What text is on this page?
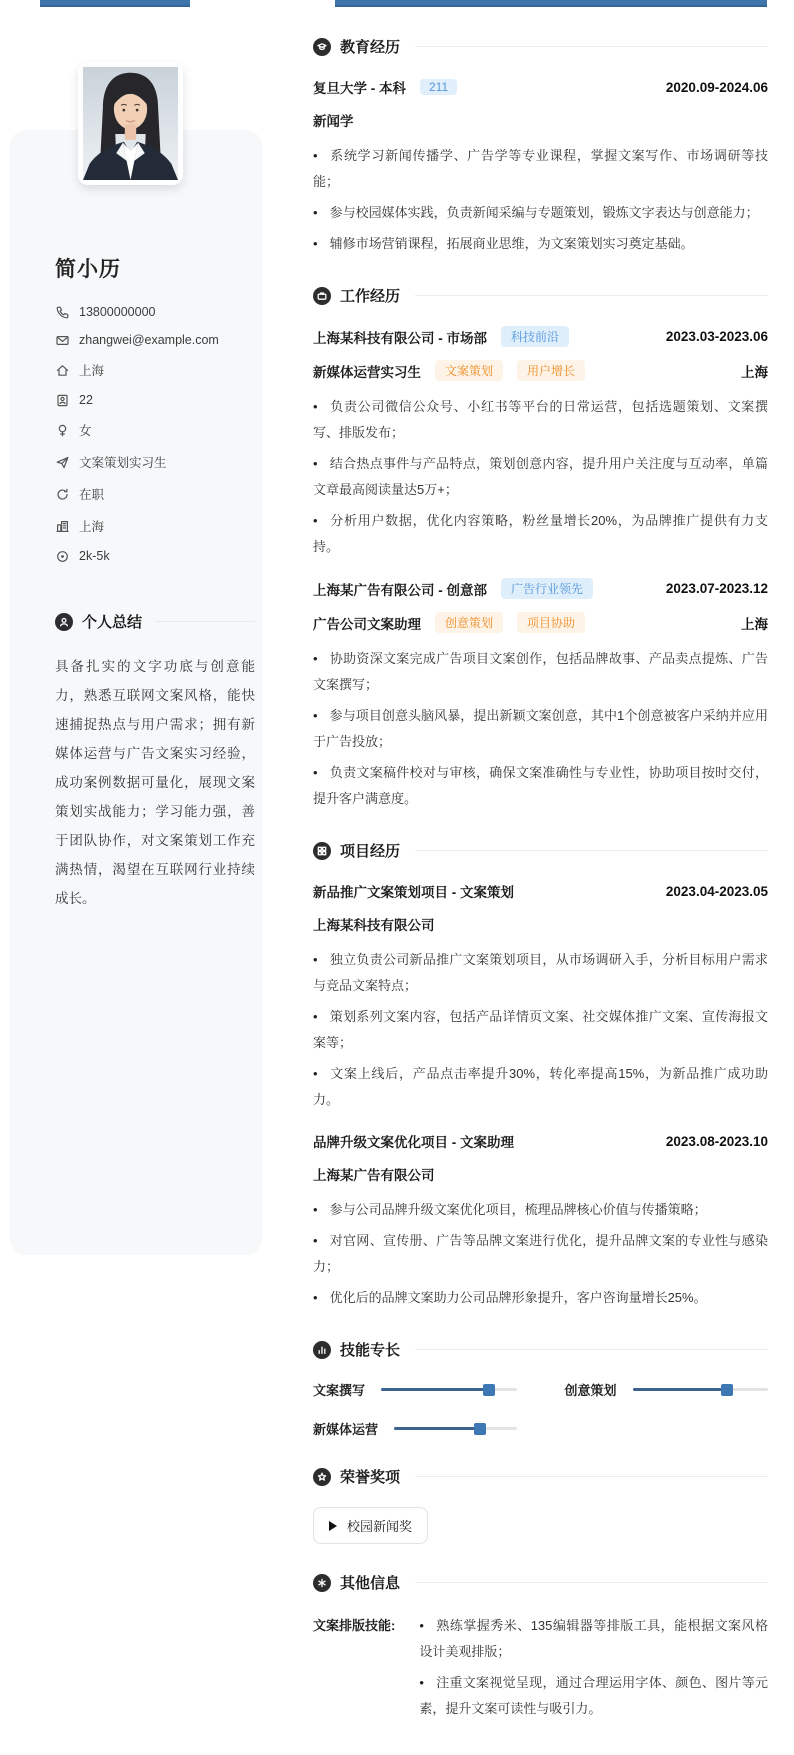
简小历
13800000000
zhangwei@example.com
上海
22
女
文案策划实习生
在职
上海
2k-5k
个人总结

具备扎实的文字功底与创意能力，熟悉互联网文案风格，能快速捕捉热点与用户需求；拥有新媒体运营与广告文案实习经验，成功案例数据可量化，展现文案策划实战能力；学习能力强，善于团队协作，对文案策划工作充满热情，渴望在互联网行业持续成长。

教育经历
复旦大学 - 本科	211	2020.09-2024.06
新闻学
• 系统学习新闻传播学、广告学等专业课程，掌握文案写作、市场调研等技能；
• 参与校园媒体实践，负责新闻采编与专题策划，锻炼文字表达与创意能力；
• 辅修市场营销课程，拓展商业思维，为文案策划实习奠定基础。
工作经历
上海某科技有限公司 - 市场部	科技前沿	2023.03-2023.06
新媒体运营实习生	文案策划	用户增长	上海
• 负责公司微信公众号、小红书等平台的日常运营，包括选题策划、文案撰写、排版发布；
• 结合热点事件与产品特点，策划创意内容，提升用户关注度与互动率，单篇文章最高阅读量达5万+；
• 分析用户数据，优化内容策略，粉丝量增长20%，为品牌推广提供有力支持。
上海某广告有限公司 - 创意部	广告行业领先	2023.07-2023.12
广告公司文案助理	创意策划	项目协助	上海
• 协助资深文案完成广告项目文案创作，包括品牌故事、产品卖点提炼、广告文案撰写；
• 参与项目创意头脑风暴，提出新颖文案创意，其中1个创意被客户采纳并应用于广告投放；
• 负责文案稿件校对与审核，确保文案准确性与专业性，协助项目按时交付，提升客户满意度。
项目经历
新品推广文案策划项目 - 文案策划	2023.04-2023.05
上海某科技有限公司
• 独立负责公司新品推广文案策划项目，从市场调研入手，分析目标用户需求与竞品文案特点；
• 策划系列文案内容，包括产品详情页文案、社交媒体推广文案、宣传海报文案等；
• 文案上线后，产品点击率提升30%，转化率提高15%，为新品推广成功助力。
品牌升级文案优化项目 - 文案助理	2023.08-2023.10
上海某广告有限公司
• 参与公司品牌升级文案优化项目，梳理品牌核心价值与传播策略；
• 对官网、宣传册、广告等品牌文案进行优化，提升品牌文案的专业性与感染力；
• 优化后的品牌文案助力公司品牌形象提升，客户咨询量增长25%。
技能专长
文案撰写	创意策划
新媒体运营
荣誉奖项
校园新闻奖
其他信息
文案排版技能:	• 熟练掌握秀米、135编辑器等排版工具，能根据文案风格设计美观排版；
• 注重文案视觉呈现，通过合理运用字体、颜色、图片等元素，提升文案可读性与吸引力。
